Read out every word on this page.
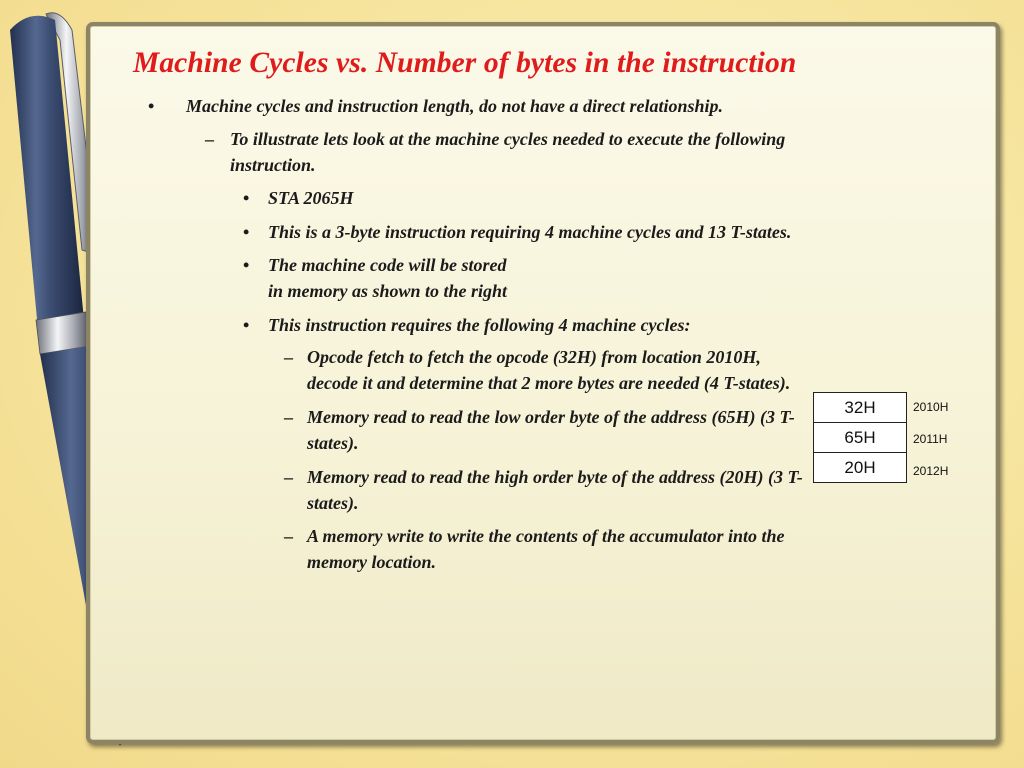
Machine Cycles vs. Number of bytes in the instruction
• Machine cycles and instruction length, do not have a direct relationship.
– To illustrate lets look at the machine cycles needed to execute the following
instruction.
• STA 2065H
• This is a 3-byte instruction requiring 4 machine cycles and 13 T-states.
• The machine code will be stored
in memory as shown to the right
• This instruction requires the following 4 machine cycles:
– Opcode fetch to fetch the opcode (32H) from location 2010H,
decode it and determine that 2 more bytes are needed (4 T-states).
– Memory read to read the low order byte of the address (65H) (3 T-
states).
– Memory read to read the high order byte of the address (20H) (3 T-
states).
– A memory write to write the contents of the accumulator into the
memory location.
32H
65H
20H
2010H
2011H
2012H
